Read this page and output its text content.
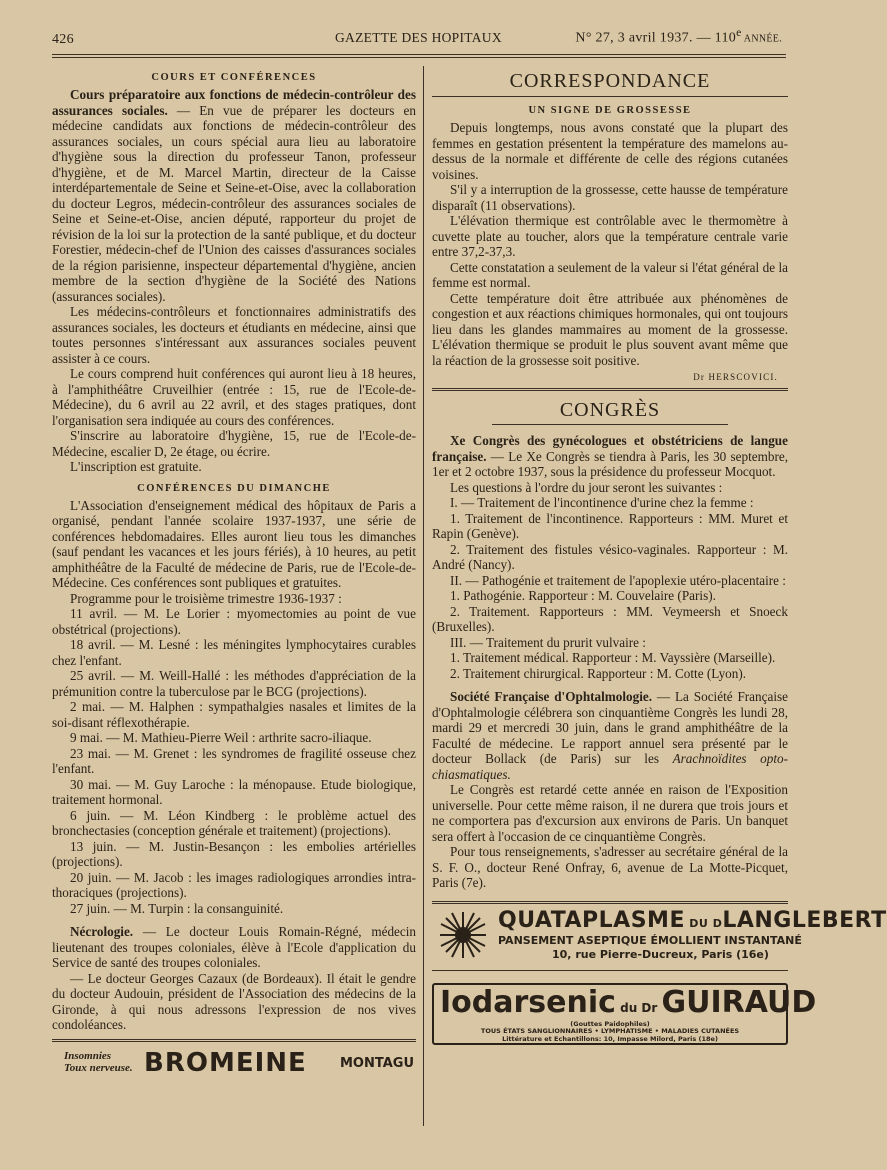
426	GAZETTE DES HOPITAUX	N° 27, 3 avril 1937. — 110e ANNÉE.
COURS ET CONFÉRENCES

Cours préparatoire aux fonctions de médecin-contrôleur des assurances sociales. — En vue de préparer les docteurs en médecine candidats aux fonctions de médecin-contrôleur des assurances sociales, un cours spécial aura lieu au laboratoire d'hygiène sous la direction du professeur Tanon, professeur d'hygiène, et de M. Marcel Martin, directeur de la Caisse interdépartementale de Seine et Seine-et-Oise, avec la collaboration du docteur Legros, médecin-contrôleur des assurances sociales de Seine et Seine-et-Oise, ancien député, rapporteur du projet de révision de la loi sur la protection de la santé publique, et du docteur Forestier, médecin-chef de l'Union des caisses d'assurances sociales de la région parisienne, inspecteur départemental d'hygiène, ancien membre de la section d'hygiène de la Société des Nations (assurances sociales).

Les médecins-contrôleurs et fonctionnaires administratifs des assurances sociales, les docteurs et étudiants en médecine, ainsi que toutes personnes s'intéressant aux assurances sociales peuvent assister à ce cours.

Le cours comprend huit conférences qui auront lieu à 18 heures, à l'amphithéâtre Cruveilhier (entrée : 15, rue de l'Ecole-de-Médecine), du 6 avril au 22 avril, et des stages pratiques, dont l'organisation sera indiquée au cours des conférences.

S'inscrire au laboratoire d'hygiène, 15, rue de l'Ecole-de-Médecine, escalier D, 2e étage, ou écrire.

L'inscription est gratuite.

CONFÉRENCES DU DIMANCHE

L'Association d'enseignement médical des hôpitaux de Paris a organisé, pendant l'année scolaire 1937-1937, une série de conférences hebdomadaires. Elles auront lieu tous les dimanches (sauf pendant les vacances et les jours fériés), à 10 heures, au petit amphithéâtre de la Faculté de médecine de Paris, rue de l'Ecole-de-Médecine. Ces conférences sont publiques et gratuites.

Programme pour le troisième trimestre 1936-1937 :

11 avril. — M. Le Lorier : myomectomies au point de vue obstétrical (projections).

18 avril. — M. Lesné : les méningites lymphocytaires curables chez l'enfant.

25 avril. — M. Weill-Hallé : les méthodes d'appréciation de la prémunition contre la tuberculose par le BCG (projections).

2 mai. — M. Halphen : sympathalgies nasales et limites de la soi-disant réflexothérapie.

9 mai. — M. Mathieu-Pierre Weil : arthrite sacro-iliaque.

23 mai. — M. Grenet : les syndromes de fragilité osseuse chez l'enfant.

30 mai. — M. Guy Laroche : la ménopause. Etude biologique, traitement hormonal.

6 juin. — M. Léon Kindberg : le problème actuel des bronchectasies (conception générale et traitement) (projections).

13 juin. — M. Justin-Besançon : les embolies artérielles (projections).

20 juin. — M. Jacob : les images radiologiques arrondies intra-thoraciques (projections).

27 juin. — M. Turpin : la consanguinité.

Nécrologie. — Le docteur Louis Romain-Régné, médecin lieutenant des troupes coloniales, élève à l'Ecole d'application du Service de santé des troupes coloniales.

— Le docteur Georges Cazaux (de Bordeaux). Il était le gendre du docteur Audouin, président de l'Association des médecins de la Gironde, à qui nous adressons l'expression de nos vives condoléances.

Insomnies
Toux nerveuse. BROMEINE	MONTAGU
CORRESPONDANCE
UN SIGNE DE GROSSESSE

Depuis longtemps, nous avons constaté que la plupart des femmes en gestation présentent la température des mamelons au-dessus de la normale et différente de celle des régions cutanées voisines.

S'il y a interruption de la grossesse, cette hausse de température disparaît (11 observations).

L'élévation thermique est contrôlable avec le thermomètre à cuvette plate au toucher, alors que la température centrale varie entre 37,2-37,3.

Cette constatation a seulement de la valeur si l'état général de la femme est normal.

Cette température doit être attribuée aux phénomènes de congestion et aux réactions chimiques hormonales, qui ont toujours lieu dans les glandes mammaires au moment de la grossesse. L'élévation thermique se produit le plus souvent avant même que la réaction de la grossesse soit positive.

Dr HERSCOVICI.
CONGRÈS

Xe Congrès des gynécologues et obstétriciens de langue française. — Le Xe Congrès se tiendra à Paris, les 30 septembre, 1er et 2 octobre 1937, sous la présidence du professeur Mocquot.

Les questions à l'ordre du jour seront les suivantes :

I. — Traitement de l'incontinence d'urine chez la femme :

1. Traitement de l'incontinence. Rapporteurs : MM. Muret et Rapin (Genève).

2. Traitement des fistules vésico-vaginales. Rapporteur : M. André (Nancy).

II. — Pathogénie et traitement de l'apoplexie utéro-placentaire :

1. Pathogénie. Rapporteur : M. Couvelaire (Paris).

2. Traitement. Rapporteurs : MM. Veymeersh et Snoeck (Bruxelles).

III. — Traitement du prurit vulvaire :

1. Traitement médical. Rapporteur : M. Vayssière (Marseille).

2. Traitement chirurgical. Rapporteur : M. Cotte (Lyon).

Société Française d'Ophtalmologie. — La Société Française d'Ophtalmologie célébrera son cinquantième Congrès les lundi 28, mardi 29 et mercredi 30 juin, dans le grand amphithéâtre de la Faculté de médecine. Le rapport annuel sera présenté par le docteur Bollack (de Paris) sur les Arachnoïdites opto-chiasmatiques.

Le Congrès est retardé cette année en raison de l'Exposition universelle. Pour cette même raison, il ne durera que trois jours et ne comportera pas d'excursion aux environs de Paris. Un banquet sera offert à l'occasion de ce cinquantième Congrès.

Pour tous renseignements, s'adresser au secrétaire général de la S. F. O., docteur René Onfray, 6, avenue de La Motte-Picquet, Paris (7e).

QUATAPLASME DU DLANGLEBERT
PANSEMENT ASEPTIQUE ÉMOLLIENT INSTANTANÉ
10, rue Pierre-Ducreux, Paris (16e)
Iodarsenic du Dr GUIRAUD
(Gouttes Paidophiles)
TOUS ÉTATS SANGLIONNAIRES • LYMPHATISME • MALADIES CUTANÉES
Littérature et Echantillons: 10, Impasse Milord, Paris (18e)
